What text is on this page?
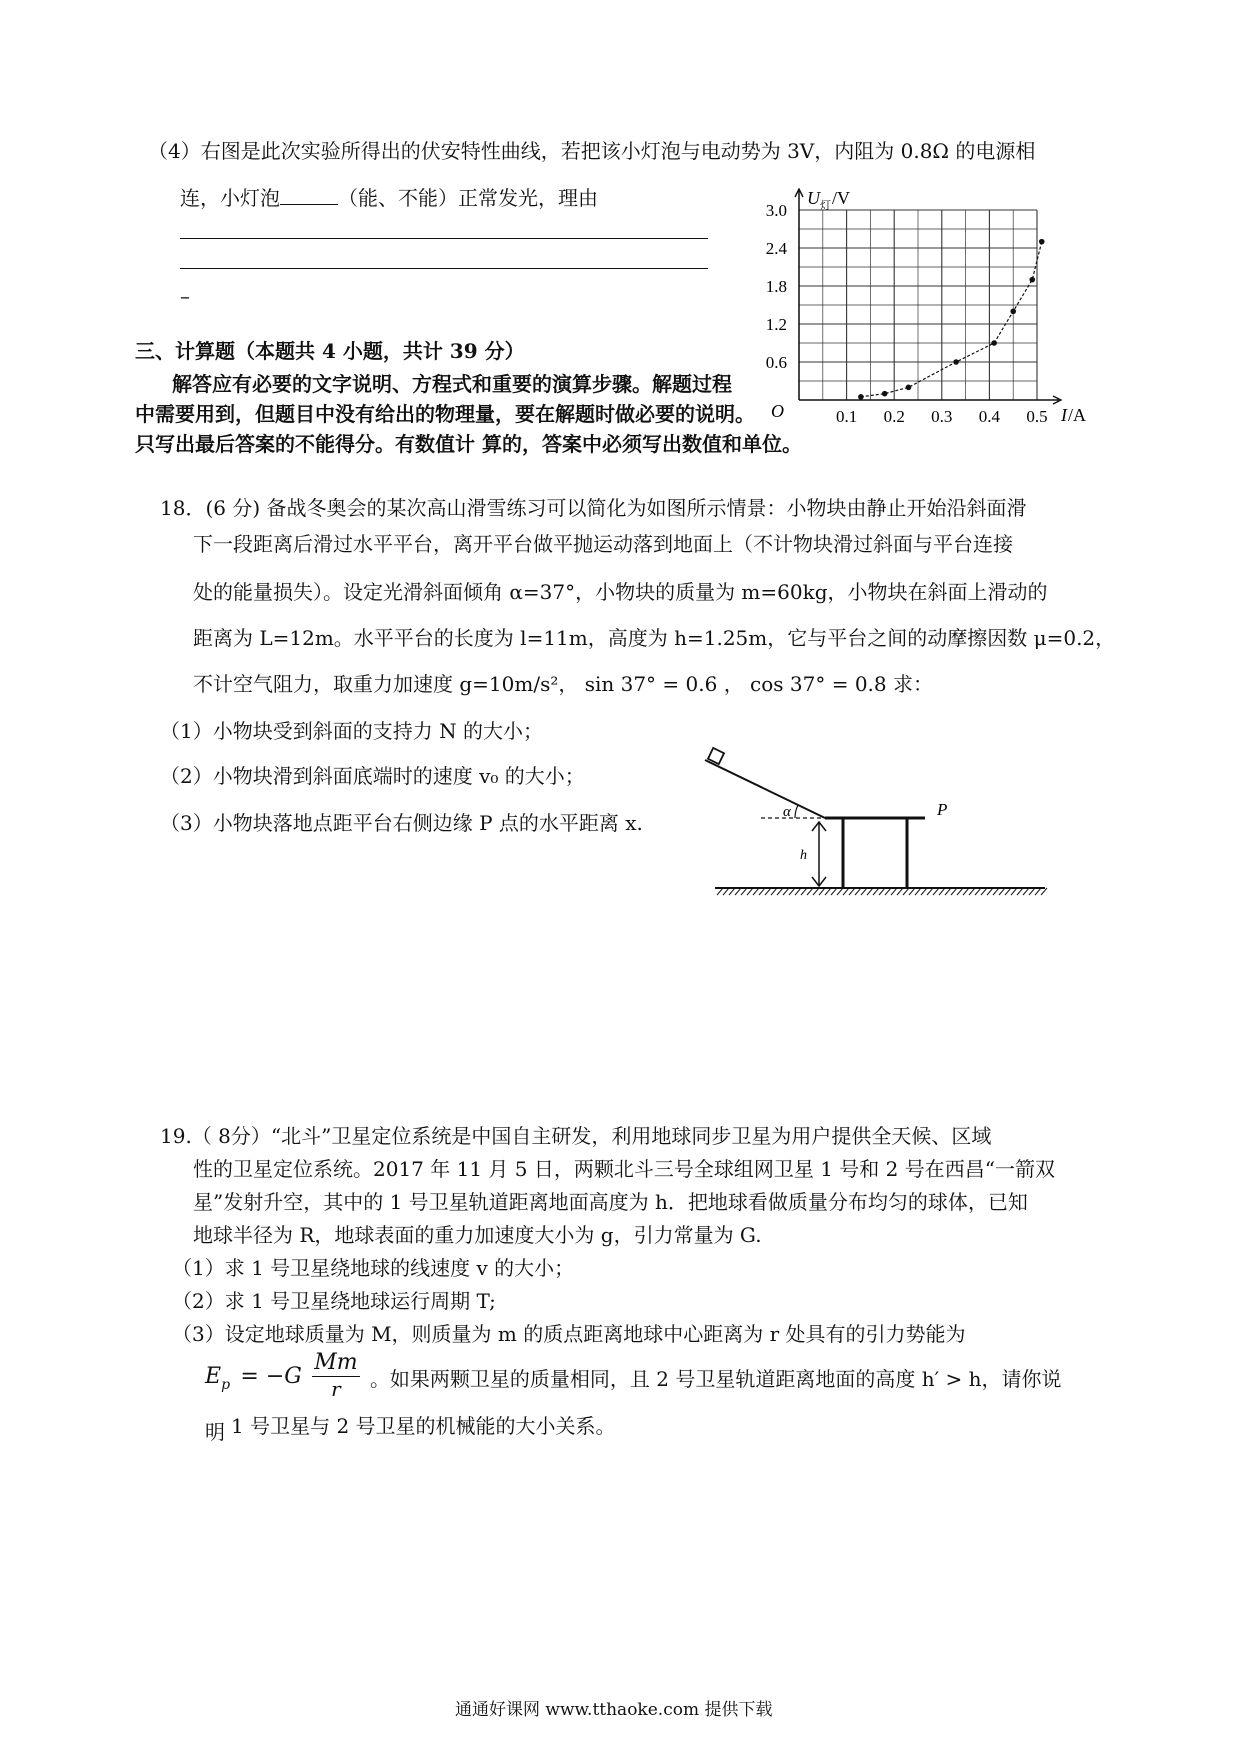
（4）右图是此次实验所得出的伏安特性曲线，若把该小灯泡与电动势为 3V，内阻为 0.8Ω 的电源相
连，小灯泡	（能、不能）正常发光，理由
–
三、计算题（本题共 4 小题，共计 39 分）
解答应有必要的文字说明、方程式和重要的演算步骤。解题过程
中需要用到，但题目中没有给出的物理量，要在解题时做必要的说明。
只写出最后答案的不能得分。有数值计 算的，答案中必须写出数值和单位。
U 灯 /V
I /A
O	0.1 0.2 0.3 0.4 0.5
0.6
1.2
1.8
2.4
3.0
18．(6 分) 备战冬奥会的某次高山滑雪练习可以简化为如图所示情景：小物块由静止开始沿斜面滑
下一段距离后滑过水平平台，离开平台做平抛运动落到地面上（不计物块滑过斜面与平台连接
处的能量损失）。设定光滑斜面倾角 α=37°，小物块的质量为 m=60kg，小物块在斜面上滑动的
距离为 L=12m。水平平台的长度为 l=11m，高度为 h=1.25m，它与平台之间的动摩擦因数 μ=0.2，
不计空气阻力，取重力加速度 g=10m/s²， sin 37° = 0.6 ， cos 37° = 0.8 求：
（1）小物块受到斜面的支持力 N 的大小；
（2）小物块滑到斜面底端时的速度 v₀ 的大小；
（3）小物块落地点距平台右侧边缘 P 点的水平距离 x.	α	P
h
19.（ 8分）“北斗”卫星定位系统是中国自主研发，利用地球同步卫星为用户提供全天候、区域
性的卫星定位系统。2017 年 11 月 5 日，两颗北斗三号全球组网卫星 1 号和 2 号在西昌“一箭双
星”发射升空，其中的 1 号卫星轨道距离地面高度为 h．把地球看做质量分布均匀的球体，已知
地球半径为 R，地球表面的重力加速度大小为 g，引力常量为 G.
（1）求 1 号卫星绕地球的线速度 v 的大小；
（2）求 1 号卫星绕地球运行周期 T;
（3）设定地球质量为 M，则质量为 m 的质点距离地球中心距离为 r 处具有的引力势能为
$E_p = -G \frac{Mm}{r}$ 。如果两颗卫星的质量相同，且 2 号卫星轨道距离地面的高度 h′ > h，请你说
明 1 号卫星与 2 号卫星的机械能的大小关系。
通通好课网 www.tthaoke.com 提供下载
